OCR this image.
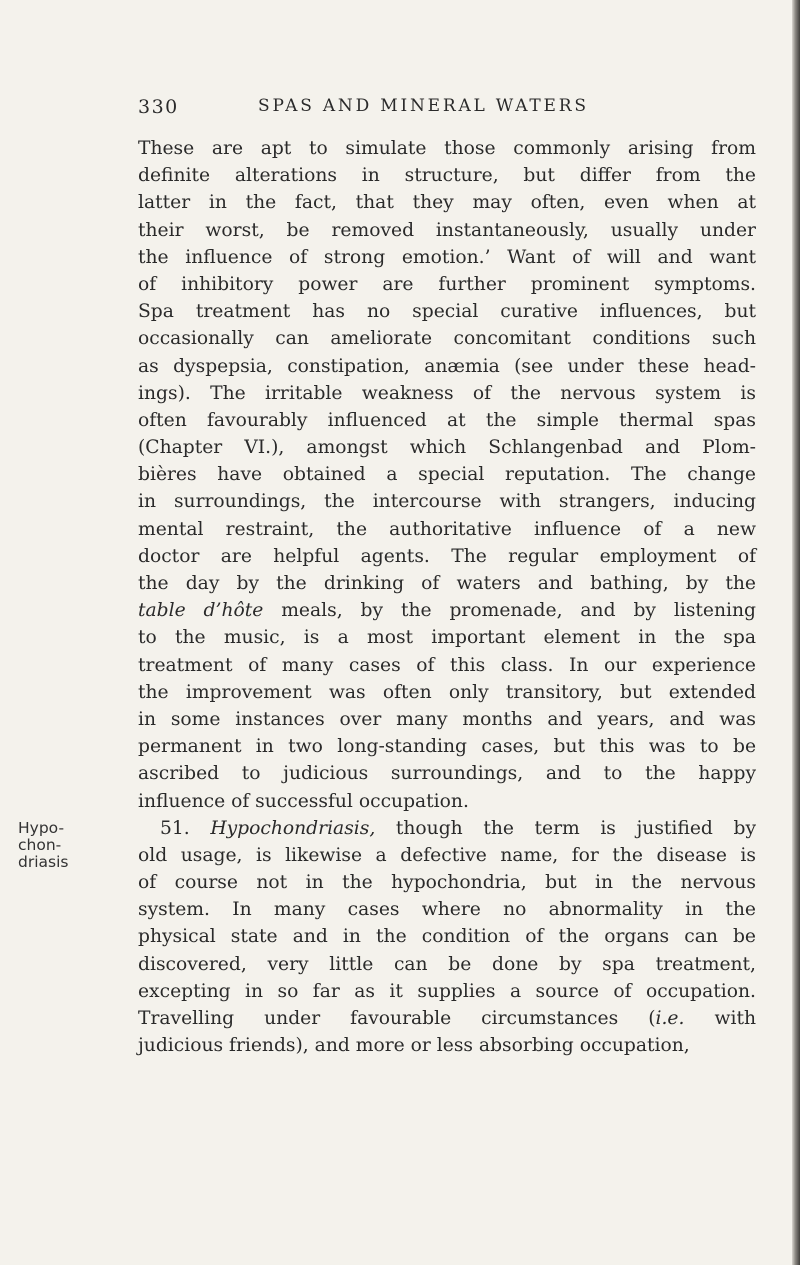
330	SPAS AND MINERAL WATERS
Hypo-
chon-
driasis
These are apt to simulate those commonly arising from
definite alterations in structure, but differ from the
latter in the fact, that they may often, even when at
their worst, be removed instantaneously, usually under
the influence of strong emotion.’ Want of will and want
of inhibitory power are further prominent symptoms.
Spa treatment has no special curative influences, but
occasionally can ameliorate concomitant conditions such
as dyspepsia, constipation, anæmia (see under these head-
ings). The irritable weakness of the nervous system is
often favourably influenced at the simple thermal spas
(Chapter VI.), amongst which Schlangenbad and Plom-
bières have obtained a special reputation. The change
in surroundings, the intercourse with strangers, inducing
mental restraint, the authoritative influence of a new
doctor are helpful agents. The regular employment of
the day by the drinking of waters and bathing, by the
table d’hôte meals, by the promenade, and by listening
to the music, is a most important element in the spa
treatment of many cases of this class. In our experience
the improvement was often only transitory, but extended
in some instances over many months and years, and was
permanent in two long-standing cases, but this was to be
ascribed to judicious surroundings, and to the happy
influence of successful occupation.
51. Hypochondriasis, though the term is justified by
old usage, is likewise a defective name, for the disease is
of course not in the hypochondria, but in the nervous
system. In many cases where no abnormality in the
physical state and in the condition of the organs can be
discovered, very little can be done by spa treatment,
excepting in so far as it supplies a source of occupation.
Travelling under favourable circumstances (i.e. with
judicious friends), and more or less absorbing occupation,
